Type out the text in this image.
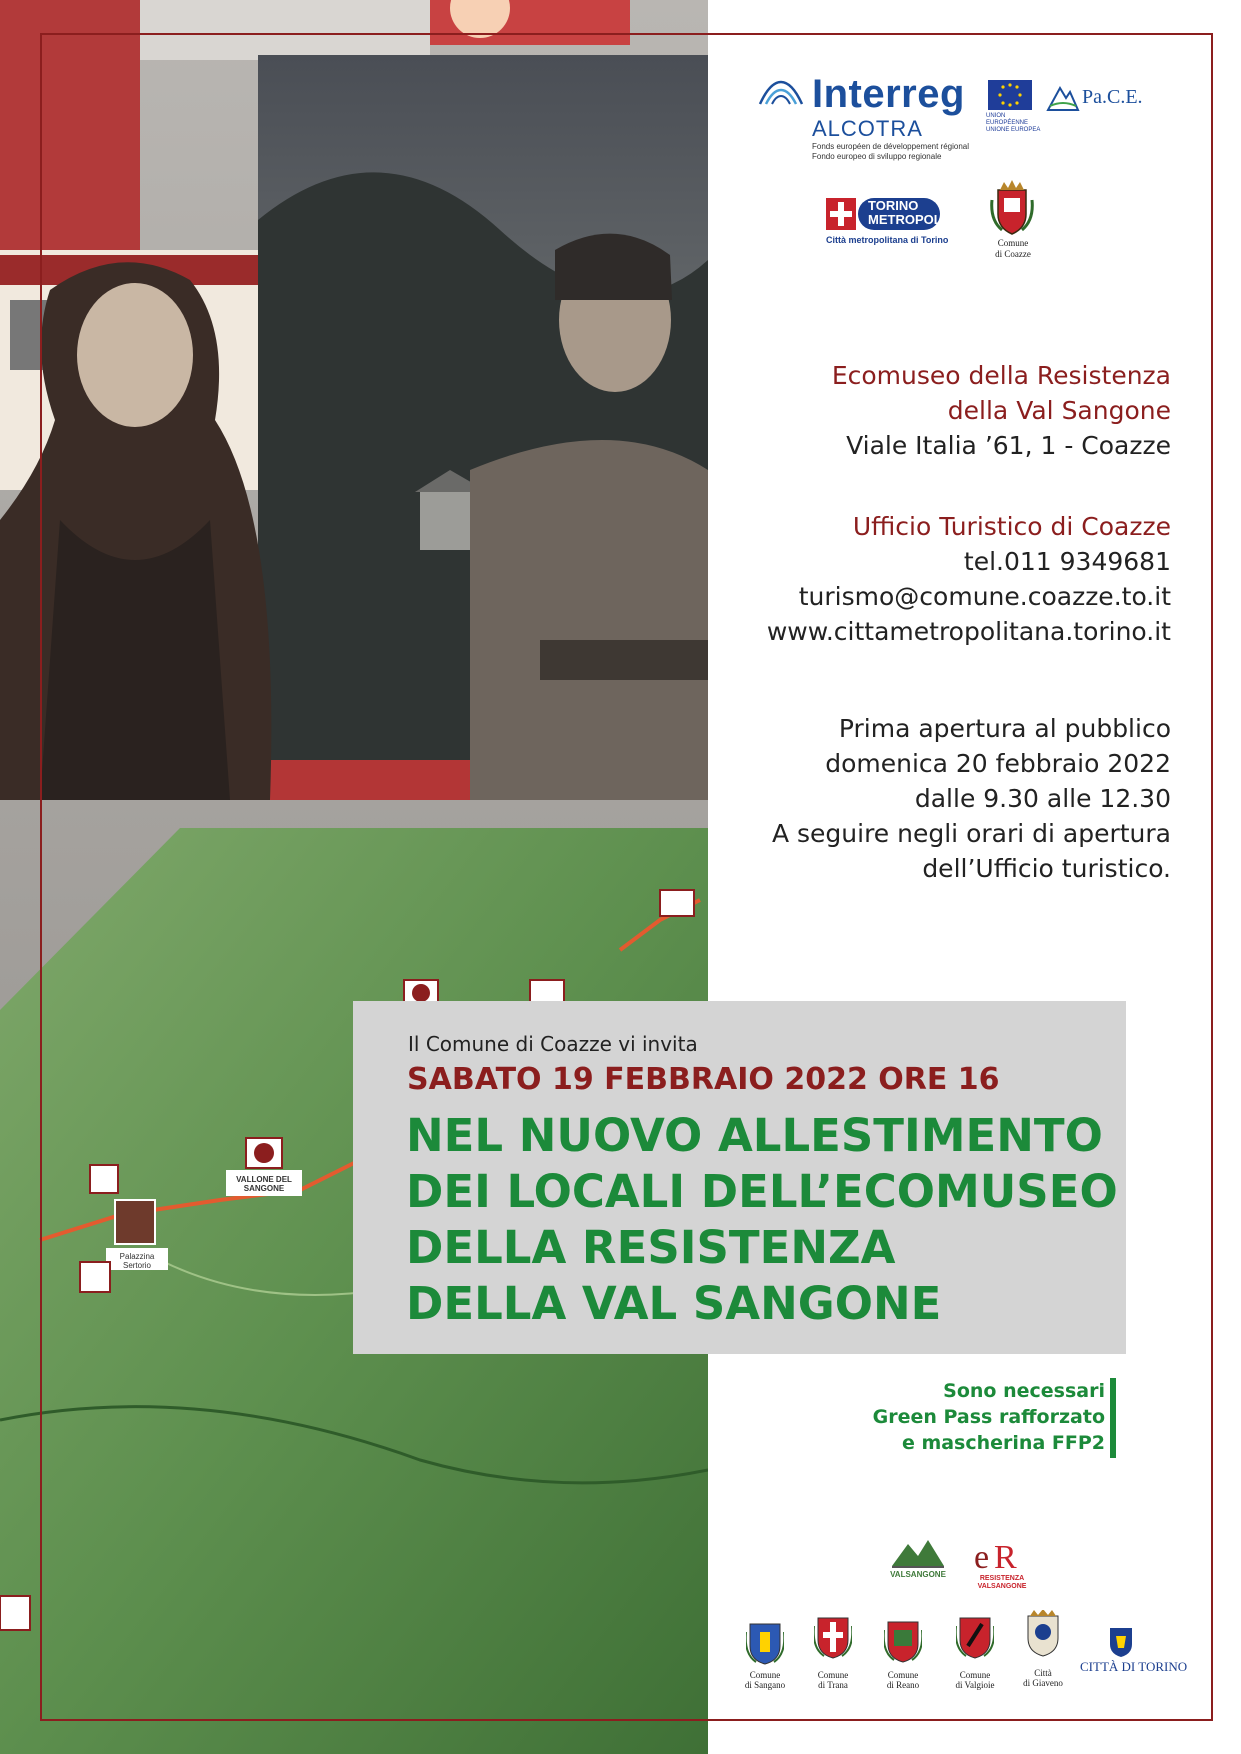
VALLONE DEL SANGONE
Palazzina Sertorio
Interreg
ALCOTRA
Fonds européen de développement régional
Fondo europeo di sviluppo regionale
UNION EUROPÉENNE UNIONE EUROPEA
Pa.C.E.
TORINO
METROPOLI
Città metropolitana di Torino	Comune
di Coazze
Ecomuseo della Resistenza
della Val Sangone
Viale Italia ’61, 1 - Coazze
Ufficio Turistico di Coazze
tel.011 9349681
turismo@comune.coazze.to.it
www.cittametropolitana.torino.it
Prima apertura al pubblico
domenica 20 febbraio 2022
dalle 9.30 alle 12.30
A seguire negli orari di apertura
dell’Ufficio turistico.
Il Comune di Coazze vi invita
SABATO 19 FEBBRAIO 2022 ORE 16
NEL NUOVO ALLESTIMENTO
DEI LOCALI DELL’ECOMUSEO
DELLA RESISTENZA
DELLA VAL SANGONE
Sono necessari
Green Pass rafforzato
e mascherina FFP2
VALSANGONE e R
RESISTENZA VALSANGONE
Comune
di Sangano
Comune
di Trana
Comune
di Reano
Comune
di Valgioie
Città
di Giaveno
CITTÀ DI TORINO
